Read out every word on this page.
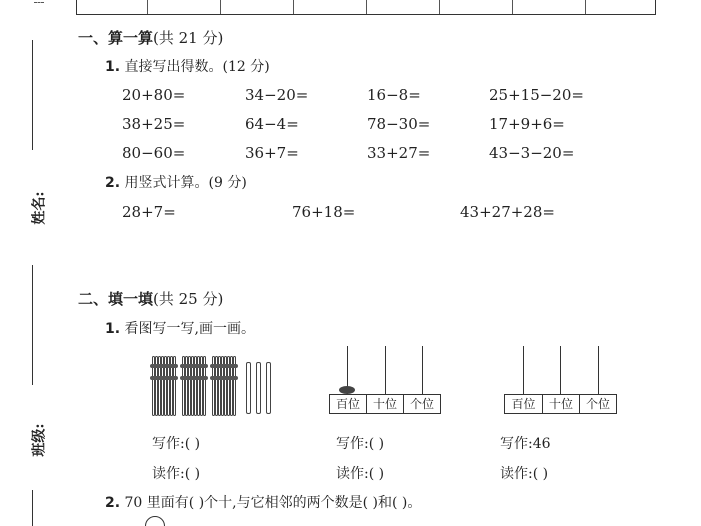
姓名:
班级:
一、算一算(共 21 分)
1. 直接写出得数。(12 分)
20+80=	34−20=	16−8=	25+15−20=
38+25=	64−4=	78−30=	17+9+6=
80−60=	36+7=	33+27=	43−3−20=
2. 用竖式计算。(9 分)
28+7=	76+18=	43+27+28=
二、填一填(共 25 分)
1. 看图写一写,画一画。
百位	十位	个位	百位	十位	个位
写作:( )	写作:( )	写作:46
读作:( )	读作:( )	读作:( )
2. 70 里面有( )个十,与它相邻的两个数是( )和( )。
